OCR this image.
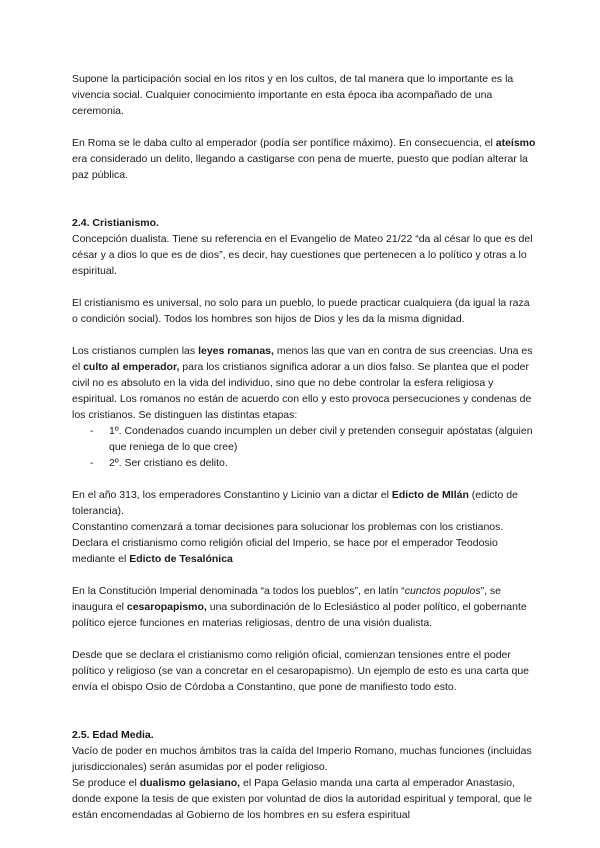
Supone la participación social en los ritos y en los cultos, de tal manera que lo importante es la vivencia social. Cualquier conocimiento importante en esta época iba acompañado de una ceremonia.

En Roma se le daba culto al emperador (podía ser pontífice máximo). En consecuencia, el ateísmo era considerado un delito, llegando a castigarse con pena de muerte, puesto que podían alterar la paz pública.

2.4. Cristianismo.

Concepción dualista. Tiene su referencia en el Evangelio de Mateo 21/22 “da al césar lo que es del césar y a dios lo que es de dios”, es decir, hay cuestiones que pertenecen a lo político y otras a lo espiritual.

El cristianismo es universal, no solo para un pueblo, lo puede practicar cualquiera (da igual la raza o condición social). Todos los hombres son hijos de Dios y les da la misma dignidad.

Los cristianos cumplen las leyes romanas, menos las que van en contra de sus creencias. Una es el culto al emperador, para los cristianos significa adorar a un dios falso. Se plantea que el poder civil no es absoluto en la vida del individuo, sino que no debe controlar la esfera religiosa y espiritual. Los romanos no están de acuerdo con ello y esto provoca persecuciones y condenas de los cristianos. Se distinguen las distintas etapas:

- 1º. Condenados cuando incumplen un deber civil y pretenden conseguir apóstatas (alguien que reniega de lo que cree)
- 2º. Ser cristiano es delito.

En el año 313, los emperadores Constantino y Licinio van a dictar el Edicto de MIlán (edicto de tolerancia).
Constantino comenzará a tomar decisiones para solucionar los problemas con los cristianos. Declara el cristianismo como religión oficial del Imperio, se hace por el emperador Teodosio mediante el Edicto de Tesalónica

En la Constitución Imperial denominada “a todos los pueblos”, en latín “cunctos populos”, se inaugura el cesaropapismo, una subordinación de lo Eclesiástico al poder político, el gobernante político ejerce funciones en materias religiosas, dentro de una visión dualista.

Desde que se declara el cristianismo como religión oficial, comienzan tensiones entre el poder político y religioso (se van a concretar en el cesaropapismo). Un ejemplo de esto es una carta que envía el obispo Osio de Córdoba a Constantino, que pone de manifiesto todo esto.

2.5. Edad Media.

Vacío de poder en muchos ámbitos tras la caída del Imperio Romano, muchas funciones (incluidas jurisdiccionales) serán asumidas por el poder religioso.

Se produce el dualismo gelasiano, el Papa Gelasio manda una carta al emperador Anastasio, donde expone la tesis de que existen por voluntad de dios la autoridad espiritual y temporal, que le están encomendadas al Gobierno de los hombres en su esfera espiritual
